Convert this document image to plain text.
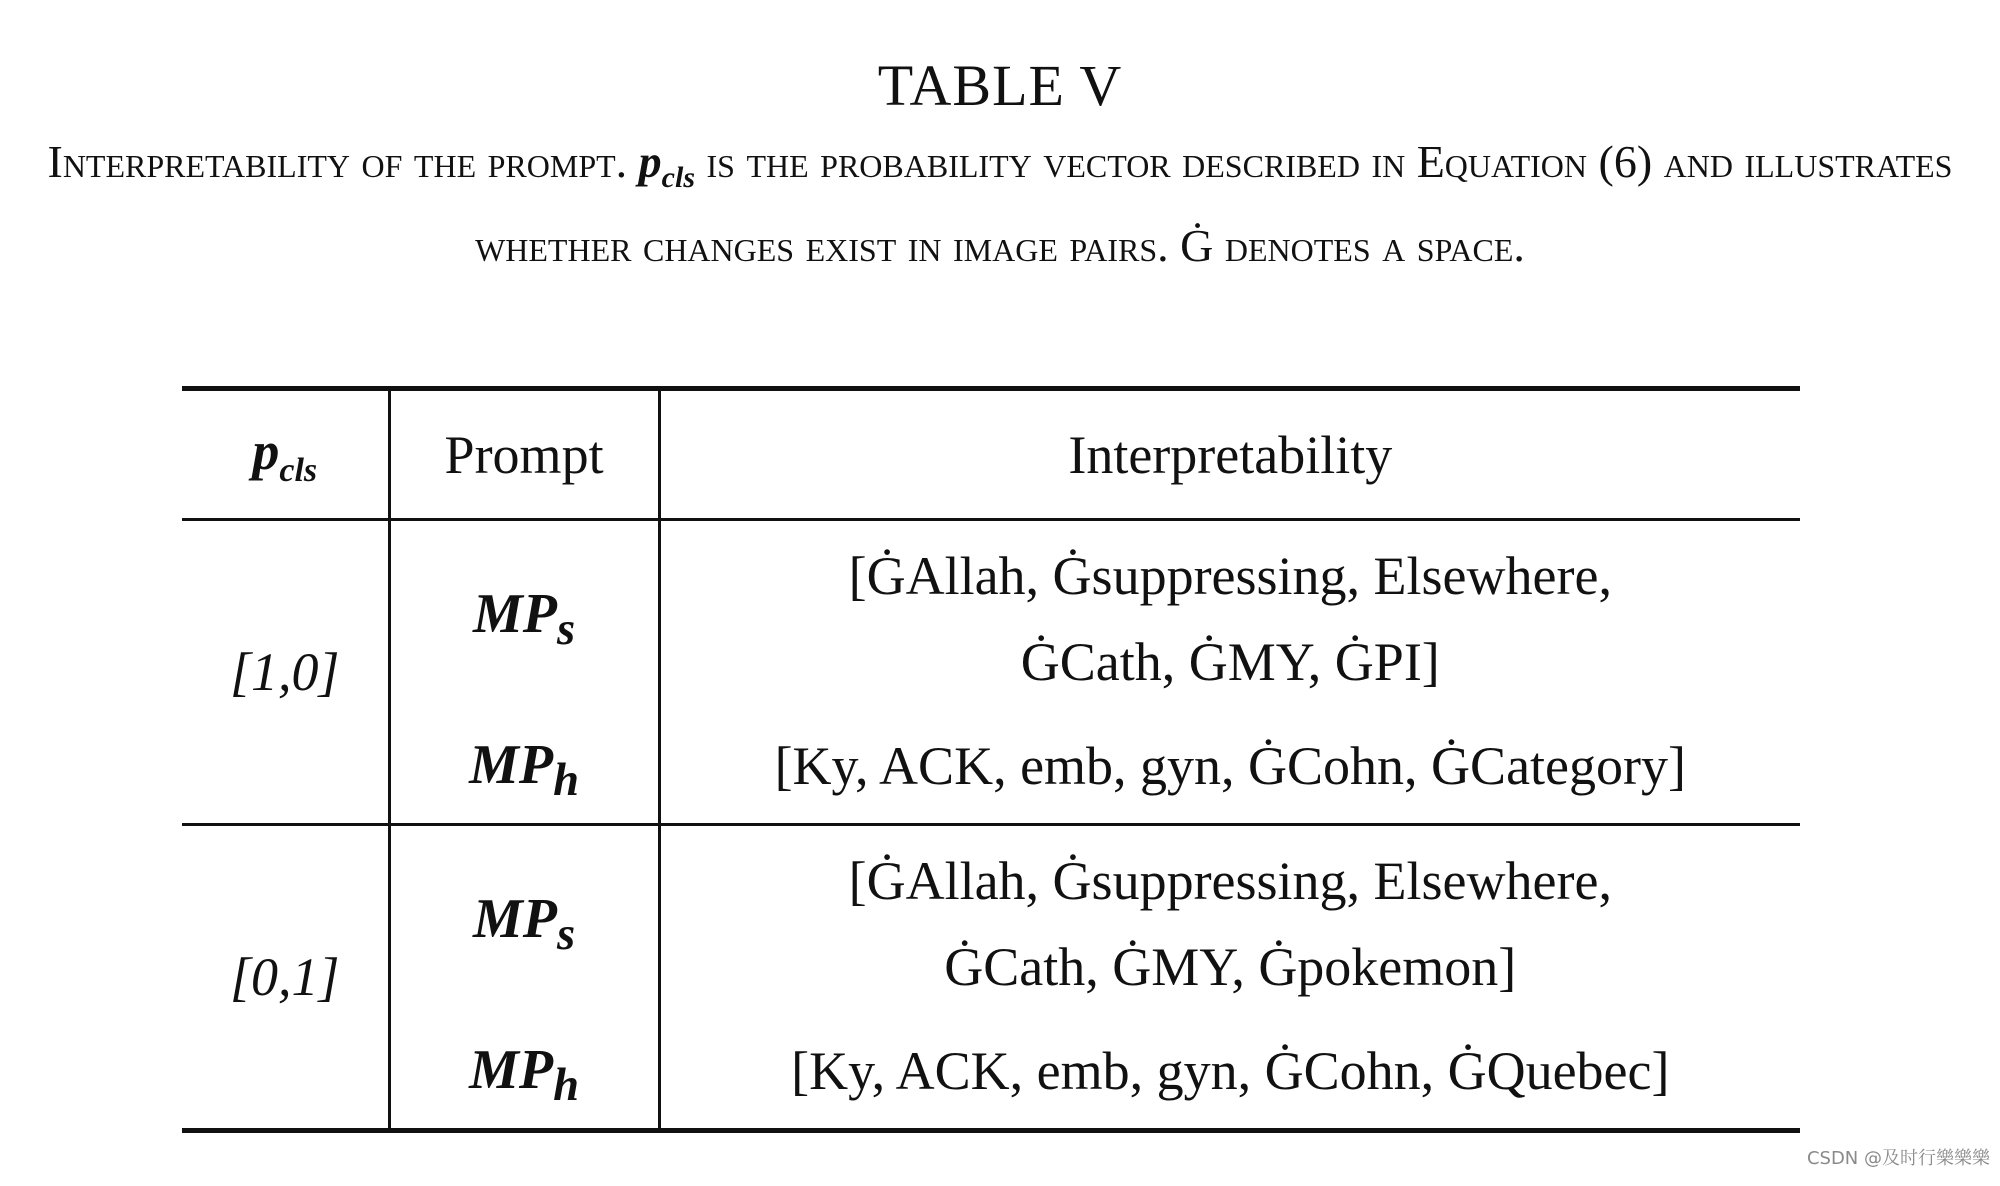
TABLE V
Interpretability of the prompt. $p_{cls}$ is the probability vector described in Equation (6) and illustrates whether changes exist in image pairs. Ġ denotes a space.
$p_{cls}$	Prompt	Interpretability
[1,0]	$MP_s$	[ĠAllah, Ġsuppressing, Elsewhere,
ĠCath, ĠMY, ĠPI]

	$MP_h$	[Ky, ACK, emb, gyn, ĠCohn, ĠCategory]

[0,1]	$MP_s$	[ĠAllah, Ġsuppressing, Elsewhere,
ĠCath, ĠMY, Ġpokemon]

	$MP_h$	[Ky, ACK, emb, gyn, ĠCohn, ĠQuebec]
CSDN @及时行樂樂樂
